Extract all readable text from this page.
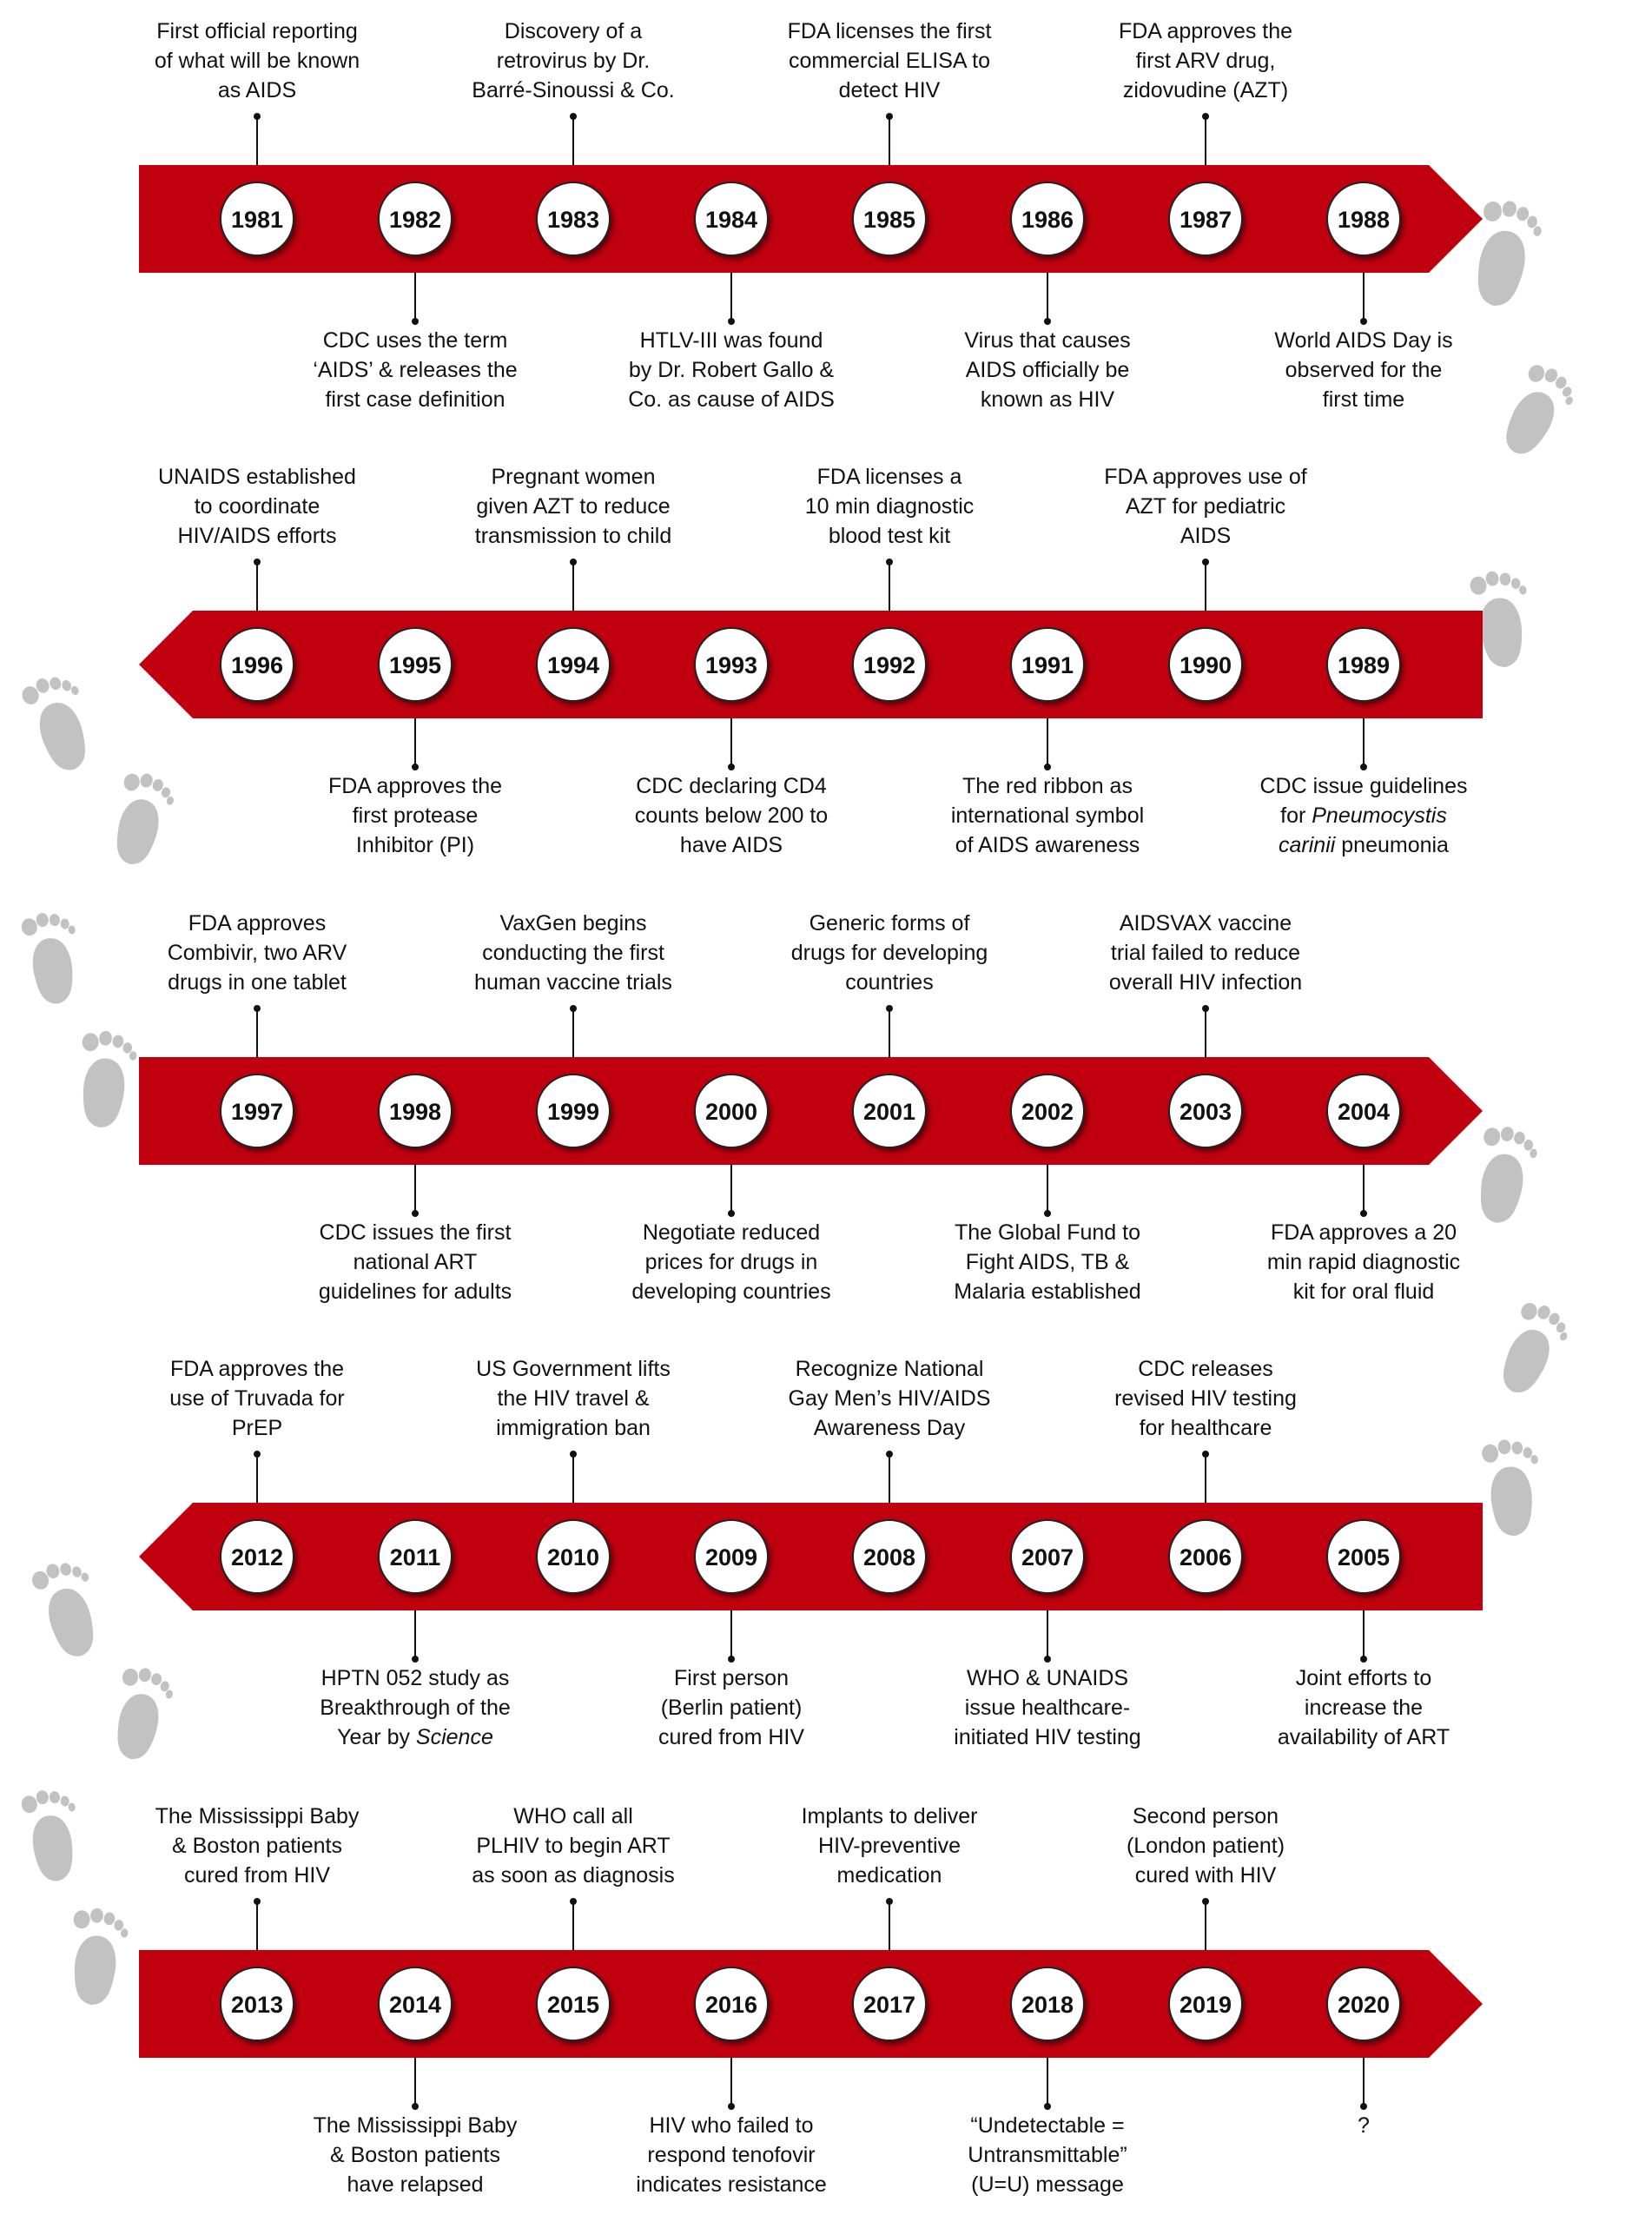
1981
First official reporting of what will be known as AIDS
1982
CDC uses the term ‘AIDS’ & releases the first case definition
1983
Discovery of a retrovirus by Dr. Barré-Sinoussi & Co.
1984
HTLV-III was found by Dr. Robert Gallo & Co. as cause of AIDS
1985
FDA licenses the first commercial ELISA to detect HIV
1986
Virus that causes AIDS officially be known as HIV
1987
FDA approves the first ARV drug, zidovudine (AZT)
1988
World AIDS Day is observed for the first time
1996
UNAIDS established to coordinate HIV/AIDS efforts
1995
FDA approves the first protease Inhibitor (PI)
1994
Pregnant women given AZT to reduce transmission to child
1993
CDC declaring CD4 counts below 200 to have AIDS
1992
FDA licenses a 10 min diagnostic blood test kit
1991
The red ribbon as international symbol of AIDS awareness
1990
FDA approves use of AZT for pediatric AIDS
1989
CDC issue guidelines for Pneumocystis carinii pneumonia
1997
FDA approves Combivir, two ARV drugs in one tablet
1998
CDC issues the first national ART guidelines for adults
1999
VaxGen begins conducting the first human vaccine trials
2000
Negotiate reduced prices for drugs in developing countries
2001
Generic forms of drugs for developing countries
2002
The Global Fund to Fight AIDS, TB & Malaria established
2003
AIDSVAX vaccine trial failed to reduce overall HIV infection
2004
FDA approves a 20 min rapid diagnostic kit for oral fluid
2012
FDA approves the use of Truvada for PrEP
2011
HPTN 052 study as Breakthrough of the Year by Science
2010
US Government lifts the HIV travel & immigration ban
2009
First person (Berlin patient) cured from HIV
2008
Recognize National Gay Men’s HIV/AIDS Awareness Day
2007
WHO & UNAIDS issue healthcare-initiated HIV testing
2006
CDC releases revised HIV testing for healthcare
2005
Joint efforts to increase the availability of ART
2013
The Mississippi Baby & Boston patients cured from HIV
2014
The Mississippi Baby & Boston patients have relapsed
2015
WHO call all PLHIV to begin ART as soon as diagnosis
2016
HIV who failed to respond tenofovir indicates resistance
2017
Implants to deliver HIV-preventive medication
2018
“Undetectable = Untransmittable” (U=U) message
2019
Second person (London patient) cured with HIV
2020
?
